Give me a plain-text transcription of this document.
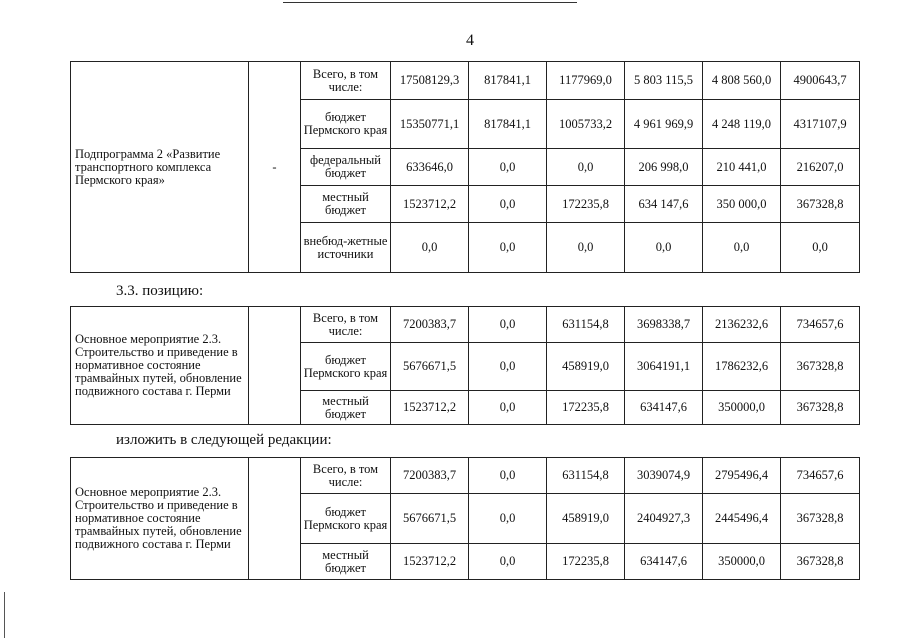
4
Подпрограмма 2 «Развитие транспортного комплекса Пермского края»	-	Всего, в том числе:	17508129,3	817841,1	1177969,0	5 803 115,5	4 808 560,0	4900643,7
		бюджет Пермского края	15350771,1	817841,1	1005733,2	4 961 969,9	4 248 119,0	4317107,9
		федеральный бюджет	633646,0	0,0	0,0	206 998,0	210 441,0	216207,0
		местный бюджет	1523712,2	0,0	172235,8	634 147,6	350 000,0	367328,8
		внебюд-жетные источники	0,0	0,0	0,0	0,0	0,0	0,0
3.3. позицию:
Основное мероприятие 2.3. Строительство и приведение в нормативное состояние трамвайных путей, обновление подвижного состава г. Перми		Всего, в том числе:	7200383,7	0,0	631154,8	3698338,7	2136232,6	734657,6
		бюджет Пермского края	5676671,5	0,0	458919,0	3064191,1	1786232,6	367328,8
		местный бюджет	1523712,2	0,0	172235,8	634147,6	350000,0	367328,8
изложить в следующей редакции:
Основное мероприятие 2.3. Строительство и приведение в нормативное состояние трамвайных путей, обновление подвижного состава г. Перми		Всего, в том числе:	7200383,7	0,0	631154,8	3039074,9	2795496,4	734657,6
		бюджет Пермского края	5676671,5	0,0	458919,0	2404927,3	2445496,4	367328,8
		местный бюджет	1523712,2	0,0	172235,8	634147,6	350000,0	367328,8
